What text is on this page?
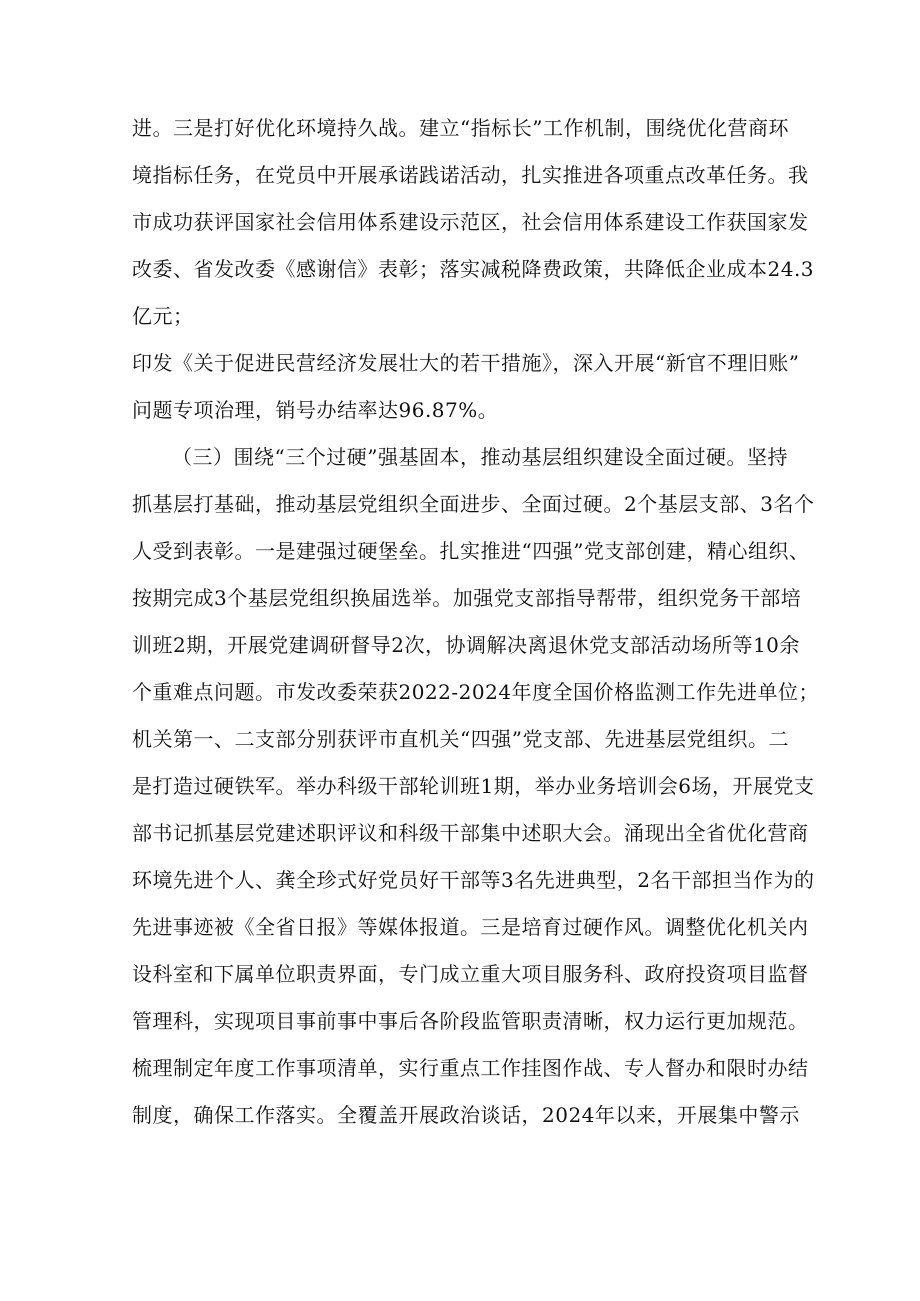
进。三是打好优化环境持久战。建立“指标长”工作机制，围绕优化营商环
境指标任务，在党员中开展承诺践诺活动，扎实推进各项重点改革任务。我
市成功获评国家社会信用体系建设示范区，社会信用体系建设工作获国家发
改委、省发改委《感谢信》表彰；落实减税降费政策，共降低企业成本24.3
亿元；
印发《关于促进民营经济发展壮大的若干措施》，深入开展“新官不理旧账”
问题专项治理，销号办结率达96.87%。
（三）围绕“三个过硬”强基固本，推动基层组织建设全面过硬。坚持
抓基层打基础，推动基层党组织全面进步、全面过硬。2个基层支部、3名个
人受到表彰。一是建强过硬堡垒。扎实推进“四强”党支部创建，精心组织、
按期完成3个基层党组织换届选举。加强党支部指导帮带，组织党务干部培
训班2期，开展党建调研督导2次，协调解决离退休党支部活动场所等10余
个重难点问题。市发改委荣获2022-2024年度全国价格监测工作先进单位；
机关第一、二支部分别获评市直机关“四强”党支部、先进基层党组织。二
是打造过硬铁军。举办科级干部轮训班1期，举办业务培训会6场，开展党支
部书记抓基层党建述职评议和科级干部集中述职大会。涌现出全省优化营商
环境先进个人、龚全珍式好党员好干部等3名先进典型，2名干部担当作为的
先进事迹被《全省日报》等媒体报道。三是培育过硬作风。调整优化机关内
设科室和下属单位职责界面，专门成立重大项目服务科、政府投资项目监督
管理科，实现项目事前事中事后各阶段监管职责清晰，权力运行更加规范。
梳理制定年度工作事项清单，实行重点工作挂图作战、专人督办和限时办结
制度，确保工作落实。全覆盖开展政治谈话，2024年以来，开展集中警示
